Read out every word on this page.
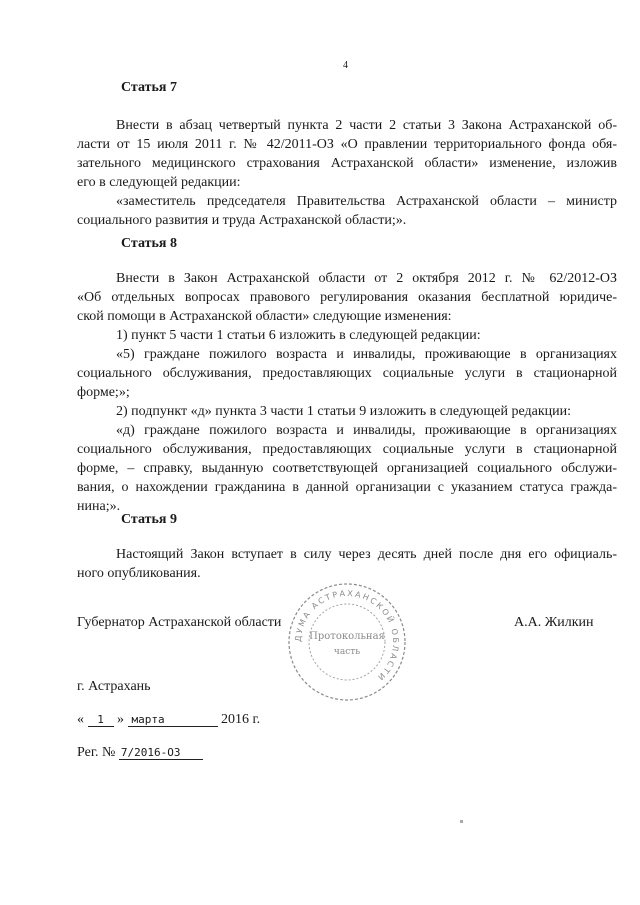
4
Статья 7
Внести в абзац четвертый пункта 2 части 2 статьи 3 Закона Астраханской об-
ласти от 15 июля 2011 г. № 42/2011-ОЗ «О правлении территориального фонда обя-
зательного медицинского страхования Астраханской области» изменение, изложив
его в следующей редакции:
«заместитель председателя Правительства Астраханской области – министр
социального развития и труда Астраханской области;».
Статья 8
Внести в Закон Астраханской области от 2 октября 2012 г. № 62/2012-ОЗ
«Об отдельных вопросах правового регулирования оказания бесплатной юридиче-
ской помощи в Астраханской области» следующие изменения:
1) пункт 5 части 1 статьи 6 изложить в следующей редакции:
«5) граждане пожилого возраста и инвалиды, проживающие в организациях
социального обслуживания, предоставляющих социальные услуги в стационарной
форме;»;
2) подпункт «д» пункта 3 части 1 статьи 9 изложить в следующей редакции:
«д) граждане пожилого возраста и инвалиды, проживающие в организациях
социального обслуживания, предоставляющих социальные услуги в стационарной
форме, – справку, выданную соответствующей организацией социального обслужи-
вания, о нахождении гражданина в данной организации с указанием статуса гражда-
нина;».
Статья 9
Настоящий Закон вступает в силу через десять дней после дня его официаль-
ного опубликования.
Губернатор Астраханской области	А.А. Жилкин
ДУМА АСТРАХАНСКОЙ ОБЛАСТИ
Протокольная
часть
г. Астрахань
« 1 » марта	2016 г.
Рег. № 7/2016-ОЗ
